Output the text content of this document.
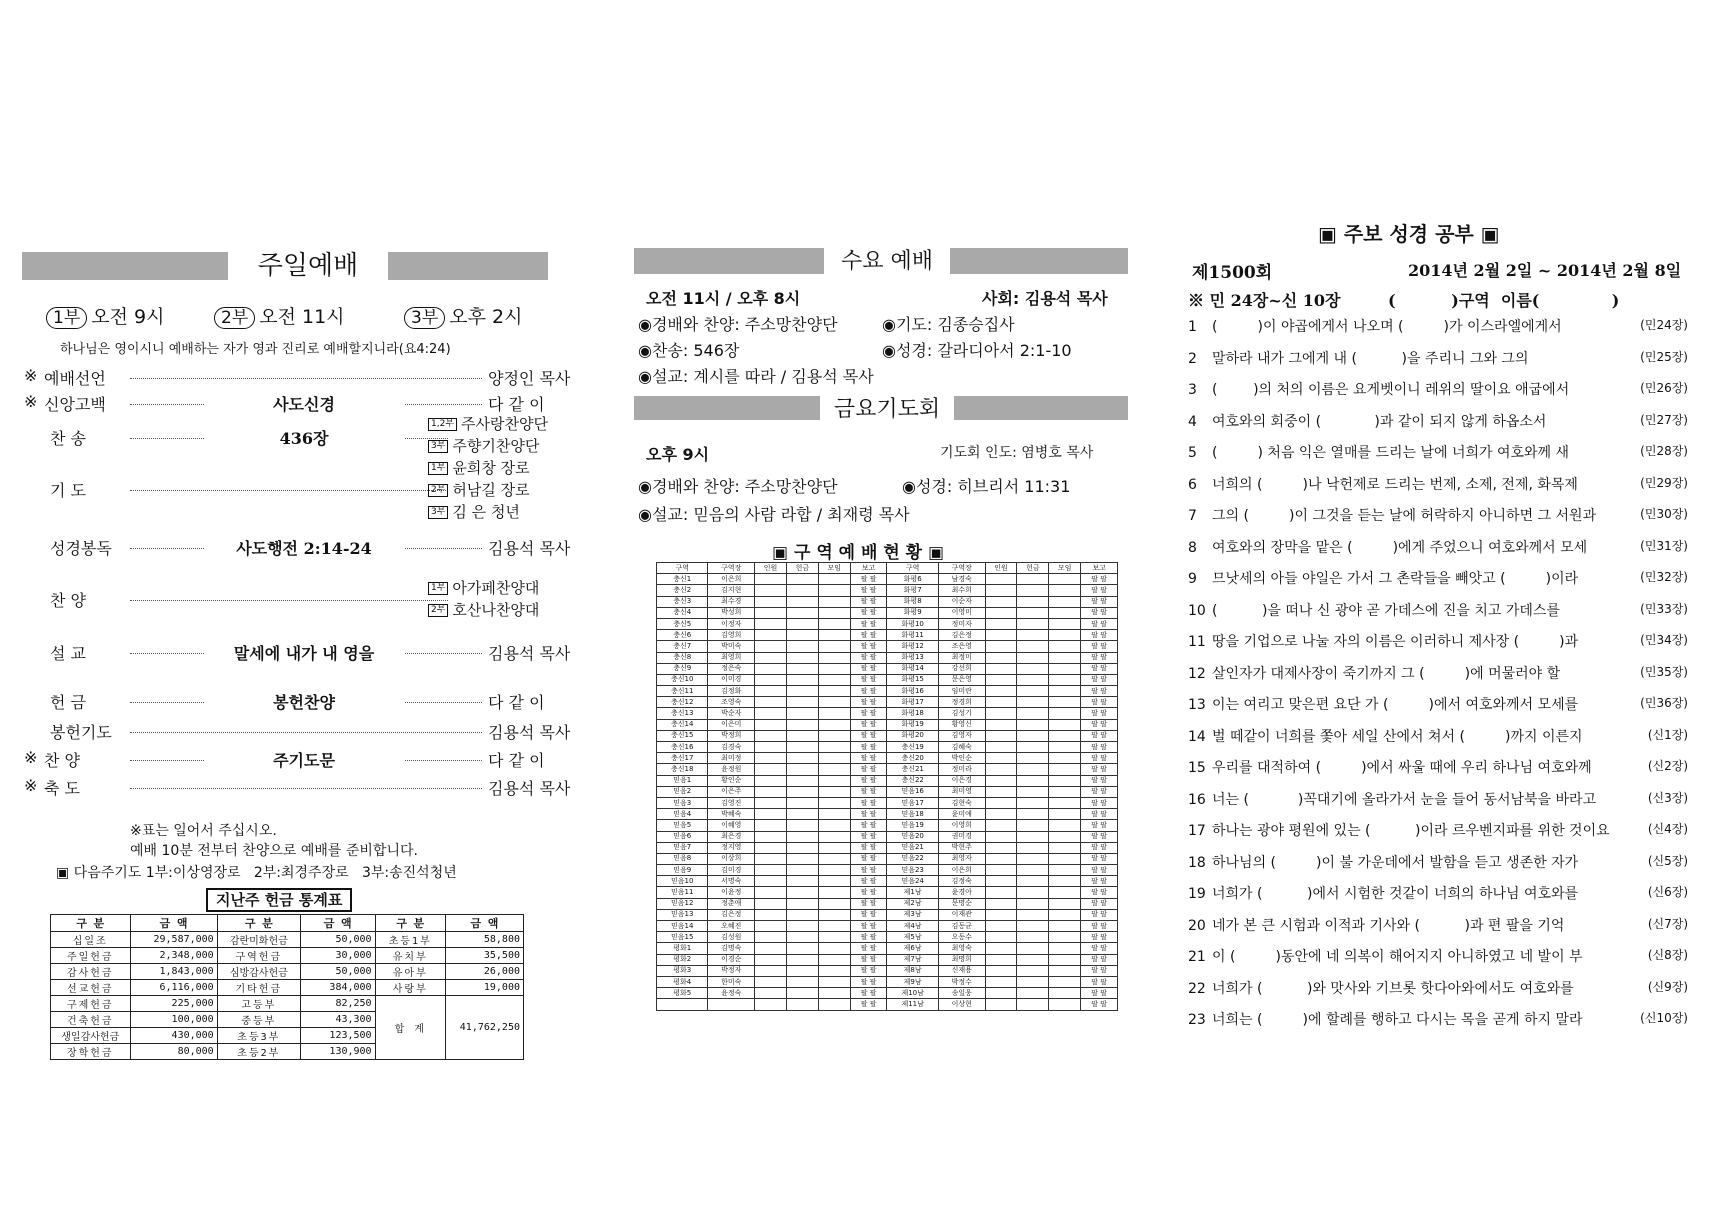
주일예배
1부 오전 9시	2부 오전 11시	3부 오후 2시
하나님은 영이시니 예배하는 자가 영과 진리로 예배할지니라(요4:24)
※ 예배선언	양정인 목사
※ 신앙고백	사도신경	다 같 이
찬 송	436장
1,2부 주사랑찬양단
3부 주향기찬양단
기 도
1부 윤희창 장로
2부 허남길 장로
3부 김 은 청년
성경봉독	사도행전 2:14-24	김용석 목사
찬 양
1부 아가페찬양대
2부 호산나찬양대
설 교	말세에 내가 내 영을	김용석 목사
헌 금	봉헌찬양	다 같 이
봉헌기도	김용석 목사
※ 찬 양	주기도문	다 같 이
※ 축 도	김용석 목사
※표는 일어서 주십시오.
예배 10분 전부터 찬양으로 예배를 준비합니다.
▣ 다음주기도 1부:이상영장로   2부:최경주장로   3부:송진석청년
지난주 헌금 통계표
구 분	금 액	구 분	금 액	구 분	금 액
십일조	29,587,000	감란미화헌금	50,000	초등1부	58,800
주일헌금	2,348,000	구역헌금	30,000	유치부	35,500
감사헌금	1,843,000	심방감사헌금	50,000	유아부	26,000
선교헌금	6,116,000	기타헌금	384,000	사랑부	19,000
구제헌금	225,000	고등부	82,250	합 계	41,762,250
건축헌금	100,000	중등부	43,300		
생일감사헌금	430,000	초등3부	123,500		
장학헌금	80,000	초등2부	130,900		
수요 예배
오전 11시 / 오후 8시	사회: 김용석 목사
◉경배와 찬양: 주소망찬양단	◉기도: 김종승집사
◉찬송: 546장	◉성경: 갈라디아서 2:1-10
◉설교: 계시를 따라 / 김용석 목사
금요기도회
오후 9시	기도회 인도: 염병호 목사
◉경배와 찬양: 주소망찬양단	◉성경: 히브리서 11:31
◉설교: 믿음의 사람 라합 / 최재령 목사
▣ 구 역 예 배 현 황 ▣
구역	구역장	인원	헌금	모임	보고	구역	구역장	인원	헌금	모임	보고
충신1	이은희				팔 팔	화평6	남경숙				팔 팔
충신2	김지현				팔 팔	화평7	최수희				팔 팔
충신3	최수경				팔 팔	화평8	이순자				팔 팔
충신4	박성희				팔 팔	화평9	이영미				팔 팔
충신5	이정자				팔 팔	화평10	정미자				팔 팔
충신6	김영희				팔 팔	화평11	김은정				팔 팔
충신7	박미숙				팔 팔	화평12	조은영				팔 팔
충신8	최영희				팔 팔	화평13	최정미				팔 팔
충신9	정은숙				팔 팔	화평14	강선희				팔 팔
충신10	이미경				팔 팔	화평15	문은영				팔 팔
충신11	김정화				팔 팔	화평16	임미란				팔 팔
충신12	조영숙				팔 팔	화평17	정경희				팔 팔
충신13	박순자				팔 팔	화평18	김성기				팔 팔
충신14	이은미				팔 팔	화평19	황영신				팔 팔
충신15	박정희				팔 팔	화평20	김영자				팔 팔
충신16	김경숙				팔 팔	충신19	김혜숙				팔 팔
충신17	최미정				팔 팔	충신20	박인순				팔 팔
충신18	윤정원				팔 팔	충신21	정미라				팔 팔
믿음1	황인순				팔 팔	충신22	이은경				팔 팔
믿음2	이은주				팔 팔	믿음16	최미영				팔 팔
믿음3	김영진				팔 팔	믿음17	김현숙				팔 팔
믿음4	박혜숙				팔 팔	믿음18	윤미애				팔 팔
믿음5	이혜영				팔 팔	믿음19	이영희				팔 팔
믿음6	최은경				팔 팔	믿음20	권미경				팔 팔
믿음7	정지영				팔 팔	믿음21	박현주				팔 팔
믿음8	이상희				팔 팔	믿음22	최영자				팔 팔
믿음9	김미경				팔 팔	믿음23	이은희				팔 팔
믿음10	서명숙				팔 팔	믿음24	김정숙				팔 팔
믿음11	이윤정				팔 팔	제1남	윤경아				팔 팔
믿음12	정춘애				팔 팔	제2남	문명순				팔 팔
믿음13	김은정				팔 팔	제3남	이재관				팔 팔
믿음14	오혜진				팔 팔	제4남	김동균				팔 팔
믿음15	김성원				팔 팔	제5남	오동수				팔 팔
평화1	김명숙				팔 팔	제6남	최영숙				팔 팔
평화2	이경순				팔 팔	제7남	최명희				팔 팔
평화3	박정자				팔 팔	제8남	신재용				팔 팔
평화4	한미숙				팔 팔	제9남	박정수				팔 팔
평화5	윤정숙				팔 팔	제10남	송일웅				팔 팔
					팔 팔	제11남	이상현				팔 팔
▣ 주보 성경 공부 ▣
제1500회	2014년 2월 2일 ~ 2014년 2월 8일
※ 민 24장~신 10장	(          )구역  이름(             )
1 (         )이 야곱에게서 나오며 (         )가 이스라엘에게서	(민24장)
2 말하라 내가 그에게 내 (          )을 주리니 그와 그의	(민25장)
3 (        )의 처의 이름은 요게벳이니 레위의 딸이요 애굽에서	(민26장)
4 여호와의 회중이 (            )과 같이 되지 않게 하옵소서	(민27장)
5 (         ) 처음 익은 열매를 드리는 날에 너희가 여호와께 새	(민28장)
6 너희의 (         )나 낙헌제로 드리는 번제, 소제, 전제, 화목제	(민29장)
7 그의 (         )이 그것을 듣는 날에 허락하지 아니하면 그 서원과	(민30장)
8 여호와의 장막을 맡은 (         )에게 주었으니 여호와께서 모세	(민31장)
9 므낫세의 아들 야일은 가서 그 촌락들을 빼앗고 (         )이라	(민32장)
10 (          )을 떠나 신 광야 곧 가데스에 진을 치고 가데스를	(민33장)
11 땅을 기업으로 나눌 자의 이름은 이러하니 제사장 (         )과	(민34장)
12 살인자가 대제사장이 죽기까지 그 (         )에 머물러야 할	(민35장)
13 이는 여리고 맞은편 요단 가 (         )에서 여호와께서 모세를	(민36장)
14 벌 떼같이 너희를 쫓아 세일 산에서 쳐서 (         )까지 이른지	(신1장)
15 우리를 대적하여 (         )에서 싸울 때에 우리 하나님 여호와께	(신2장)
16 너는 (           )꼭대기에 올라가서 눈을 들어 동서남북을 바라고	(신3장)
17 하나는 광야 평원에 있는 (          )이라 르우벤지파를 위한 것이요	(신4장)
18 하나님의 (         )이 불 가운데에서 발함을 듣고 생존한 자가	(신5장)
19 너희가 (          )에서 시험한 것같이 너희의 하나님 여호와를	(신6장)
20 네가 본 큰 시험과 이적과 기사와 (          )과 편 팔을 기억	(신7장)
21 이 (         )동안에 네 의복이 해어지지 아니하였고 네 발이 부	(신8장)
22 너희가 (          )와 맛사와 기브롯 핫다아와에서도 여호와를	(신9장)
23 너희는 (         )에 할례를 행하고 다시는 목을 곧게 하지 말라	(신10장)
